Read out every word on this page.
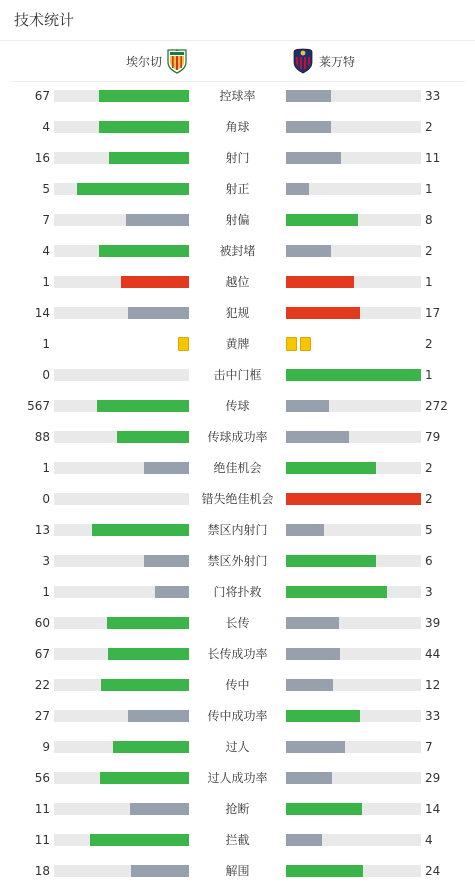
技术统计
埃尔切	莱万特
67	控球率	33
4	角球	2
16	射门	11
5	射正	1
7	射偏	8
4	被封堵	2
1	越位	1
14	犯规	17
1	黄牌	2
0	击中门框	1
567	传球	272
88	传球成功率	79
1	绝佳机会	2
0	错失绝佳机会	2
13	禁区内射门	5
3	禁区外射门	6
1	门将扑救	3
60	长传	39
67	长传成功率	44
22	传中	12
27	传中成功率	33
9	过人	7
56	过人成功率	29
11	抢断	14
11	拦截	4
18	解围	24
